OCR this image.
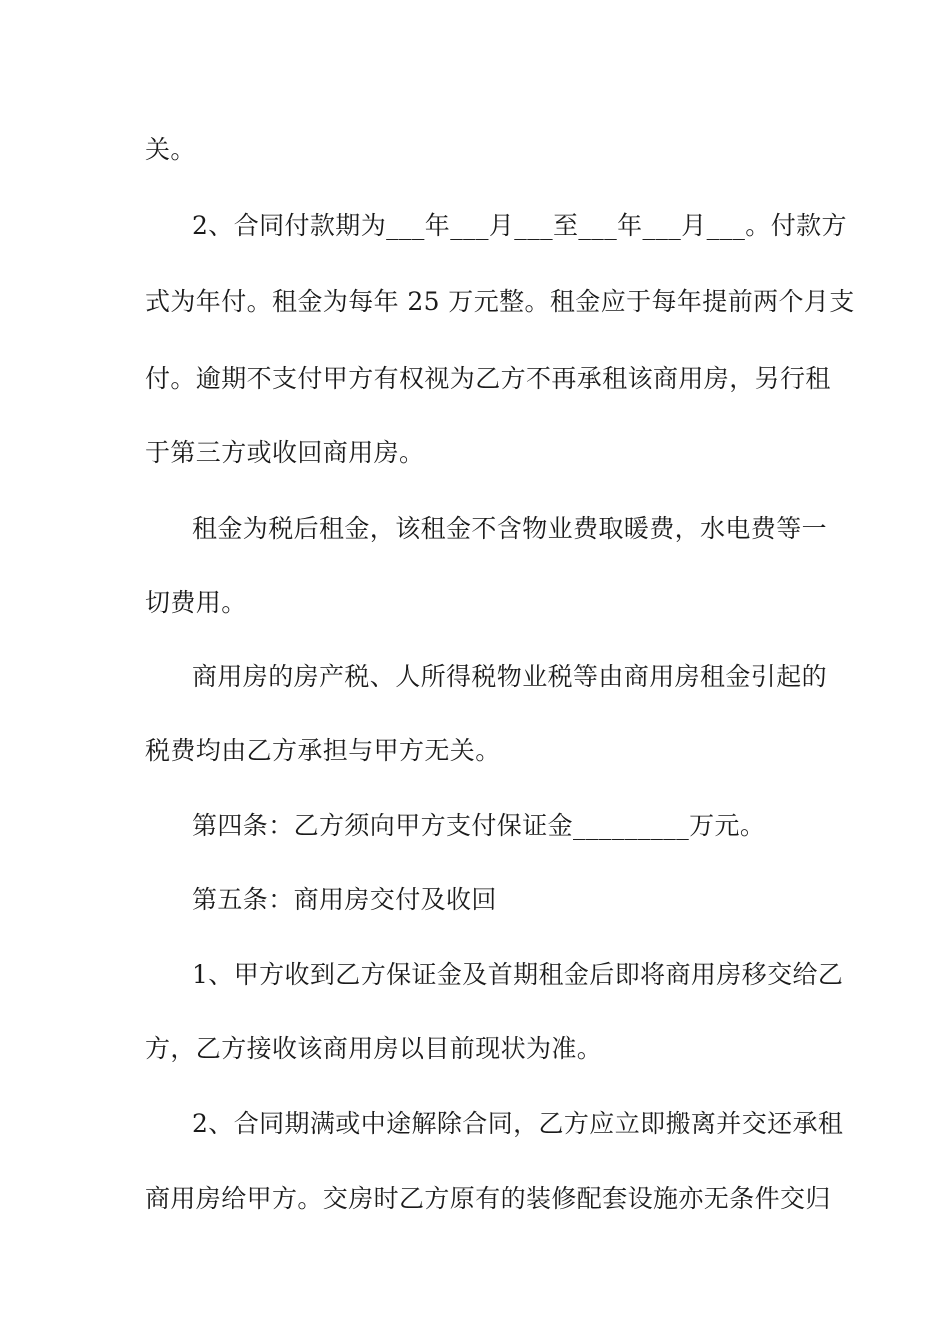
关。
2、合同付款期为___年___月___至___年___月___。付款方
式为年付。租金为每年 25 万元整。租金应于每年提前两个月支
付。逾期不支付甲方有权视为乙方不再承租该商用房，另行租
于第三方或收回商用房。
租金为税后租金，该租金不含物业费取暖费，水电费等一
切费用。
商用房的房产税、人所得税物业税等由商用房租金引起的
税费均由乙方承担与甲方无关。
第四条：乙方须向甲方支付保证金_________万元。
第五条：商用房交付及收回
1、甲方收到乙方保证金及首期租金后即将商用房移交给乙
方，乙方接收该商用房以目前现状为准。
2、合同期满或中途解除合同，乙方应立即搬离并交还承租
商用房给甲方。交房时乙方原有的装修配套设施亦无条件交归
